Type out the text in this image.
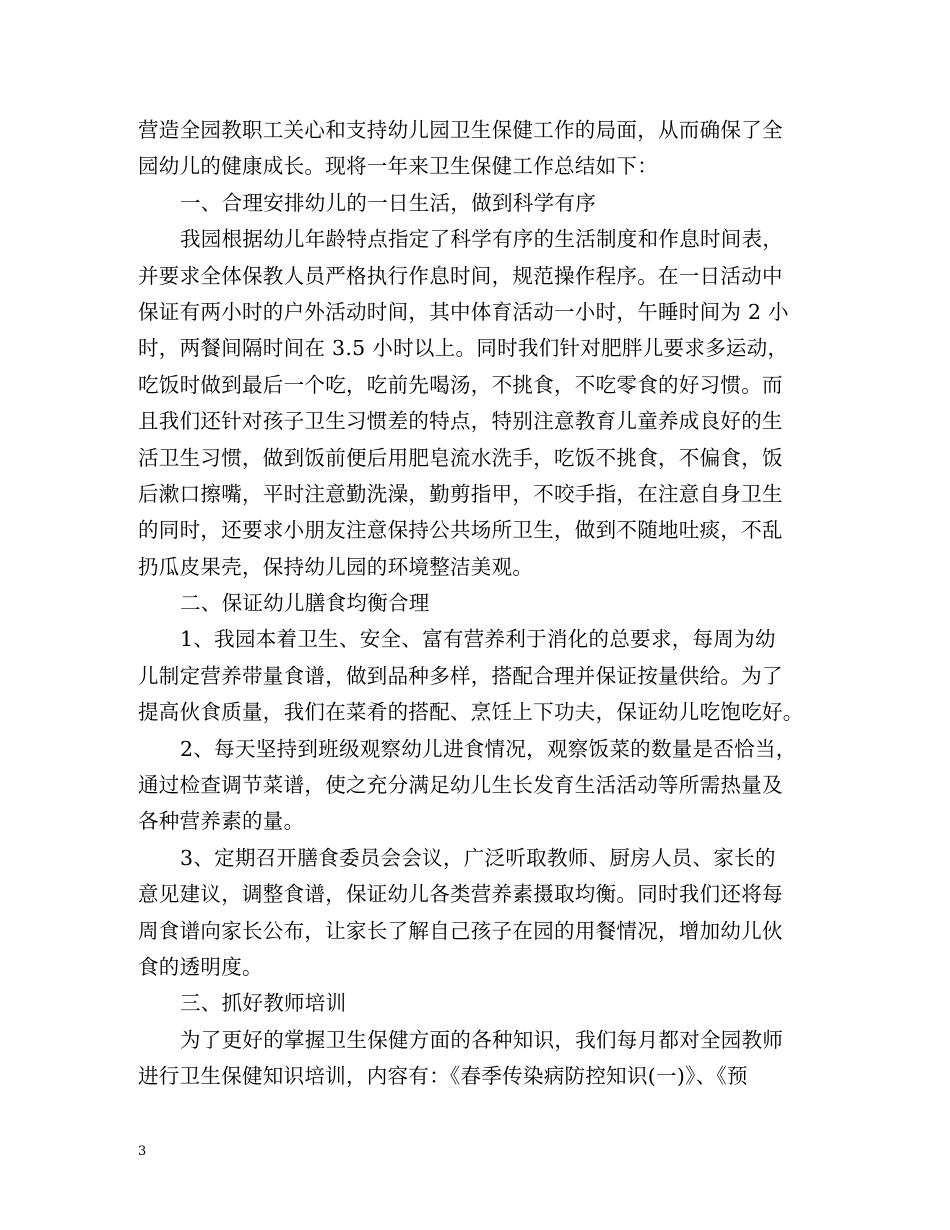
营造全园教职工关心和支持幼儿园卫生保健工作的局面，从而确保了全
园幼儿的健康成长。现将一年来卫生保健工作总结如下：
一、合理安排幼儿的一日生活，做到科学有序
我园根据幼儿年龄特点指定了科学有序的生活制度和作息时间表，
并要求全体保教人员严格执行作息时间，规范操作程序。在一日活动中
保证有两小时的户外活动时间，其中体育活动一小时，午睡时间为 2 小
时，两餐间隔时间在 3.5 小时以上。同时我们针对肥胖儿要求多运动，
吃饭时做到最后一个吃，吃前先喝汤，不挑食，不吃零食的好习惯。而
且我们还针对孩子卫生习惯差的特点，特别注意教育儿童养成良好的生
活卫生习惯，做到饭前便后用肥皂流水洗手，吃饭不挑食，不偏食，饭
后漱口擦嘴，平时注意勤洗澡，勤剪指甲，不咬手指，在注意自身卫生
的同时，还要求小朋友注意保持公共场所卫生，做到不随地吐痰，不乱
扔瓜皮果壳，保持幼儿园的环境整洁美观。
二、保证幼儿膳食均衡合理
1、我园本着卫生、安全、富有营养利于消化的总要求，每周为幼
儿制定营养带量食谱，做到品种多样，搭配合理并保证按量供给。为了
提高伙食质量，我们在菜肴的搭配、烹饪上下功夫，保证幼儿吃饱吃好。
2、每天坚持到班级观察幼儿进食情况，观察饭菜的数量是否恰当，
通过检查调节菜谱，使之充分满足幼儿生长发育生活活动等所需热量及
各种营养素的量。
3、定期召开膳食委员会会议，广泛听取教师、厨房人员、家长的
意见建议，调整食谱，保证幼儿各类营养素摄取均衡。同时我们还将每
周食谱向家长公布，让家长了解自己孩子在园的用餐情况，增加幼儿伙
食的透明度。
三、抓好教师培训
为了更好的掌握卫生保健方面的各种知识，我们每月都对全园教师
进行卫生保健知识培训，内容有：《春季传染病防控知识(一)》、《预
3
